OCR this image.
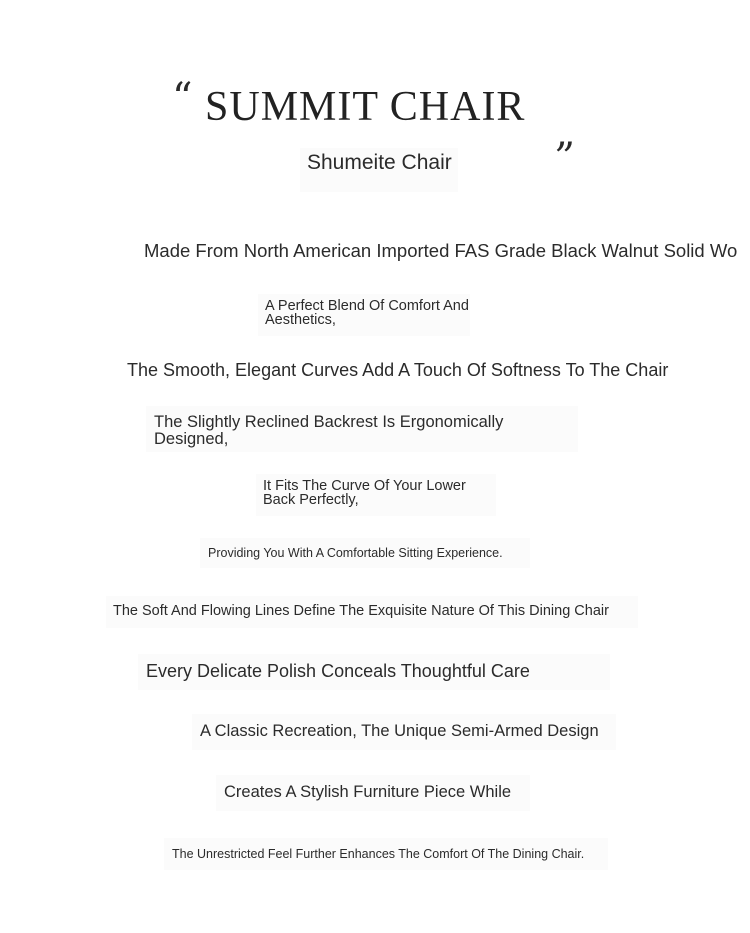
“ SUMMIT CHAIR
„
Shumeite Chair
Made From North American Imported FAS Grade Black Walnut Solid Wo
A Perfect Blend Of Comfort And Aesthetics,
The Smooth, Elegant Curves Add A Touch Of Softness To The Chair
The Slightly Reclined Backrest Is Ergonomically Designed,
It Fits The Curve Of Your Lower Back Perfectly,
Providing You With A Comfortable Sitting Experience.
The Soft And Flowing Lines Define The Exquisite Nature Of This Dining Chair
Every Delicate Polish Conceals Thoughtful Care
A Classic Recreation, The Unique Semi-Armed Design
Creates A Stylish Furniture Piece While
The Unrestricted Feel Further Enhances The Comfort Of The Dining Chair.
